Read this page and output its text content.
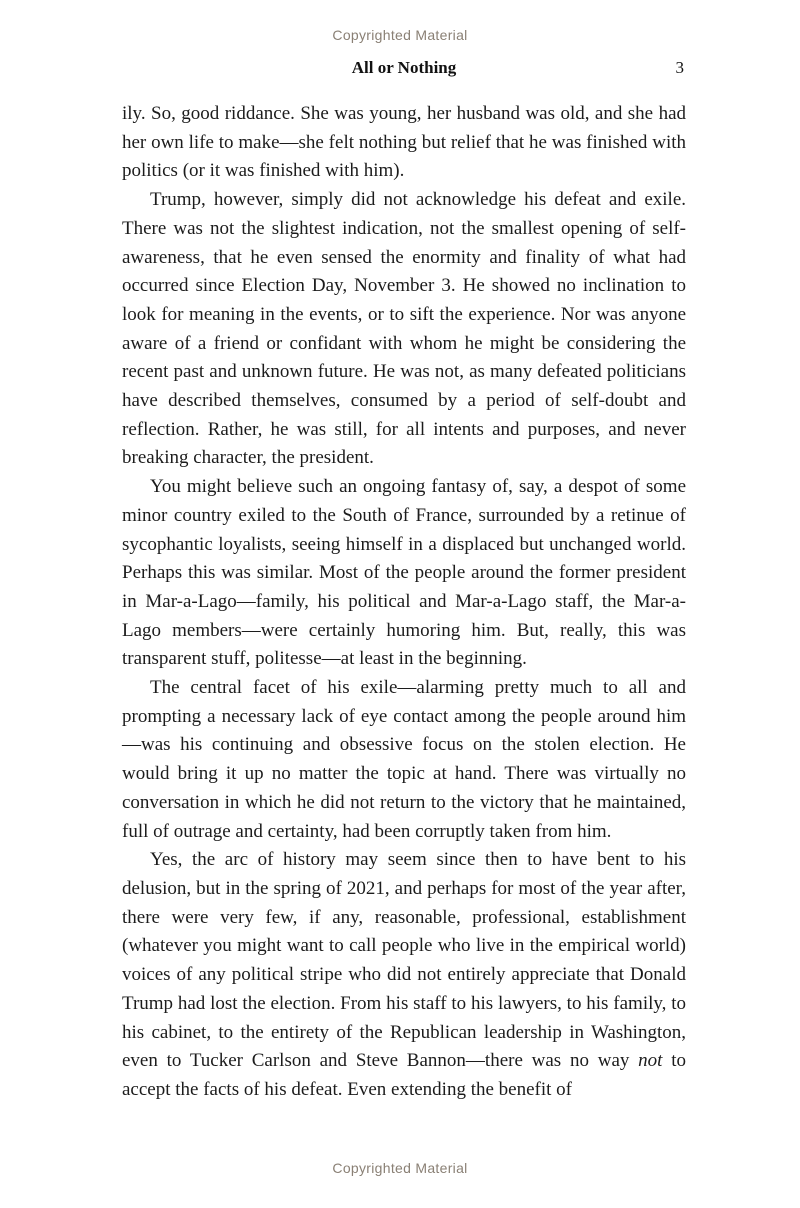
Copyrighted Material
All or Nothing	3

ily. So, good riddance. She was young, her husband was old, and she had her own life to make—she felt nothing but relief that he was finished with politics (or it was finished with him).

Trump, however, simply did not acknowledge his defeat and exile. There was not the slightest indication, not the smallest opening of self-awareness, that he even sensed the enormity and finality of what had occurred since Election Day, November 3. He showed no inclination to look for meaning in the events, or to sift the experience. Nor was anyone aware of a friend or confidant with whom he might be considering the recent past and unknown future. He was not, as many defeated politicians have described themselves, consumed by a period of self-doubt and reflection. Rather, he was still, for all intents and purposes, and never breaking character, the president.

You might believe such an ongoing fantasy of, say, a despot of some minor country exiled to the South of France, surrounded by a retinue of sycophantic loyalists, seeing himself in a displaced but unchanged world. Perhaps this was similar. Most of the people around the former president in Mar-a-Lago—family, his political and Mar-a-Lago staff, the Mar-a-Lago members—were certainly humoring him. But, really, this was transparent stuff, politesse—at least in the beginning.

The central facet of his exile—alarming pretty much to all and prompting a necessary lack of eye contact among the people around him—was his continuing and obsessive focus on the stolen election. He would bring it up no matter the topic at hand. There was virtually no conversation in which he did not return to the victory that he maintained, full of outrage and certainty, had been corruptly taken from him.

Yes, the arc of history may seem since then to have bent to his delusion, but in the spring of 2021, and perhaps for most of the year after, there were very few, if any, reasonable, professional, establishment (whatever you might want to call people who live in the empirical world) voices of any political stripe who did not entirely appreciate that Donald Trump had lost the election. From his staff to his lawyers, to his family, to his cabinet, to the entirety of the Republican leadership in Washington, even to Tucker Carlson and Steve Bannon—there was no way not to accept the facts of his defeat. Even extending the benefit of

Copyrighted Material
